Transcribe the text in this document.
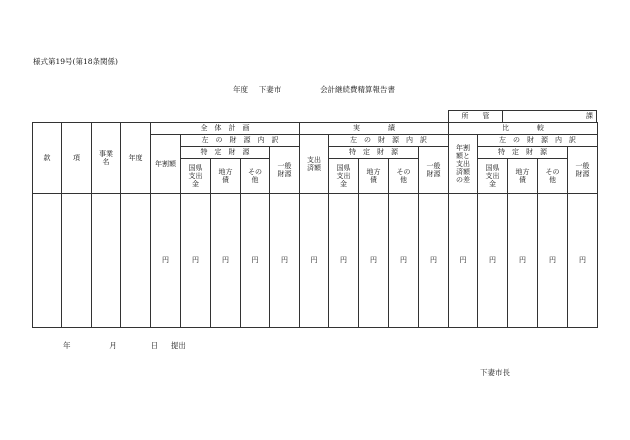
様式第19号(第18条関係)
年度 下妻市	会計継続費精算報告書
所　　管	課
款	項	事業名	年度	全　体　計　画					実　　　　績					比　　　　較				
				年割額	左　の　財　源　内　訳				支出済額	左　の　財　源　内　訳				年割額と支出済額の差	左　の　財　源　内　訳			
					特　定　財　源			一般財源		特　定　財　源			一般財源		特　定　財　源			一般財源

					国県支出金	地方債	その他			国県支出金	地方債	その他			国県支出金	地方債	その他	

				円	円	円	円	円	円	円	円	円	円	円	円	円	円	円
年	月	日 提出
下妻市長
